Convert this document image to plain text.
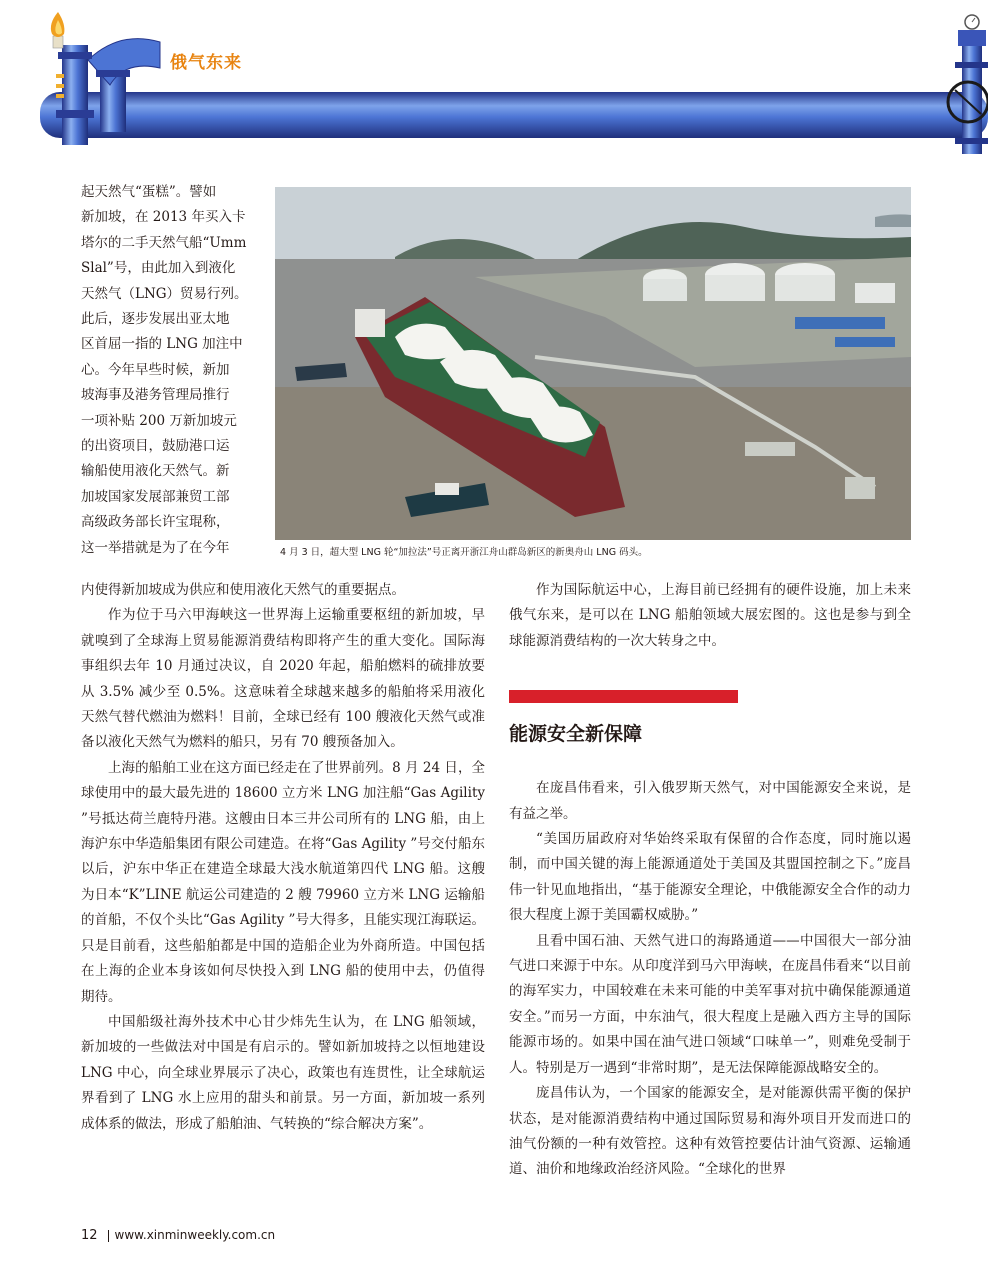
俄气东来

起天然气“蛋糕”。譬如

新加坡，在 2013 年买入卡

塔尔的二手天然气船“Umm

Slal”号，由此加入到液化

天然气（LNG）贸易行列。

此后，逐步发展出亚太地

区首屈一指的 LNG 加注中

心。今年早些时候，新加

坡海事及港务管理局推行

一项补贴 200 万新加坡元

的出资项目，鼓励港口运

输船使用液化天然气。新

加坡国家发展部兼贸工部

高级政务部长许宝琨称，

这一举措就是为了在今年	4 月 3 日，超大型 LNG 轮“加拉法”号正离开浙江舟山群岛新区的新奥舟山 LNG 码头。

内使得新加坡成为供应和使用液化天然气的重要据点。

作为位于马六甲海峡这一世界海上运输重要枢纽的新加坡，早就嗅到了全球海上贸易能源消费结构即将产生的重大变化。国际海事组织去年 10 月通过决议，自 2020 年起，船舶燃料的硫排放要从 3.5% 减少至 0.5%。这意味着全球越来越多的船舶将采用液化天然气替代燃油为燃料！目前，全球已经有 100 艘液化天然气或准备以液化天然气为燃料的船只，另有 70 艘预备加入。

上海的船舶工业在这方面已经走在了世界前列。8 月 24 日，全球使用中的最大最先进的 18600 立方米 LNG 加注船“Gas Agility ”号抵达荷兰鹿特丹港。这艘由日本三井公司所有的 LNG 船，由上海沪东中华造船集团有限公司建造。在将“Gas Agility ”号交付船东以后，沪东中华正在建造全球最大浅水航道第四代 LNG 船。这艘为日本“K”LINE 航运公司建造的 2 艘 79960 立方米 LNG 运输船的首船，不仅个头比“Gas Agility ”号大得多，且能实现江海联运。只是目前看，这些船舶都是中国的造船企业为外商所造。中国包括在上海的企业本身该如何尽快投入到 LNG 船的使用中去，仍值得期待。

中国船级社海外技术中心甘少炜先生认为，在 LNG 船领域，新加坡的一些做法对中国是有启示的。譬如新加坡持之以恒地建设 LNG 中心，向全球业界展示了决心，政策也有连贯性，让全球航运界看到了 LNG 水上应用的甜头和前景。另一方面，新加坡一系列成体系的做法，形成了船舶油、气转换的“综合解决方案”。

作为国际航运中心，上海目前已经拥有的硬件设施，加上未来俄气东来，是可以在 LNG 船舶领域大展宏图的。这也是参与到全球能源消费结构的一次大转身之中。

能源安全新保障

在庞昌伟看来，引入俄罗斯天然气，对中国能源安全来说，是有益之举。

“美国历届政府对华始终采取有保留的合作态度，同时施以遏制，而中国关键的海上能源通道处于美国及其盟国控制之下。”庞昌伟一针见血地指出，“基于能源安全理论，中俄能源安全合作的动力很大程度上源于美国霸权威胁。”

且看中国石油、天然气进口的海路通道——中国很大一部分油气进口来源于中东。从印度洋到马六甲海峡，在庞昌伟看来“以目前的海军实力，中国较难在未来可能的中美军事对抗中确保能源通道安全。”而另一方面，中东油气，很大程度上是融入西方主导的国际能源市场的。如果中国在油气进口领域“口味单一”，则难免受制于人。特别是万一遇到“非常时期”，是无法保障能源战略安全的。

庞昌伟认为，一个国家的能源安全，是对能源供需平衡的保护状态，是对能源消费结构中通过国际贸易和海外项目开发而进口的油气份额的一种有效管控。这种有效管控要估计油气资源、运输通道、油价和地缘政治经济风险。“全球化的世界

12 www.xinminweekly.com.cn
